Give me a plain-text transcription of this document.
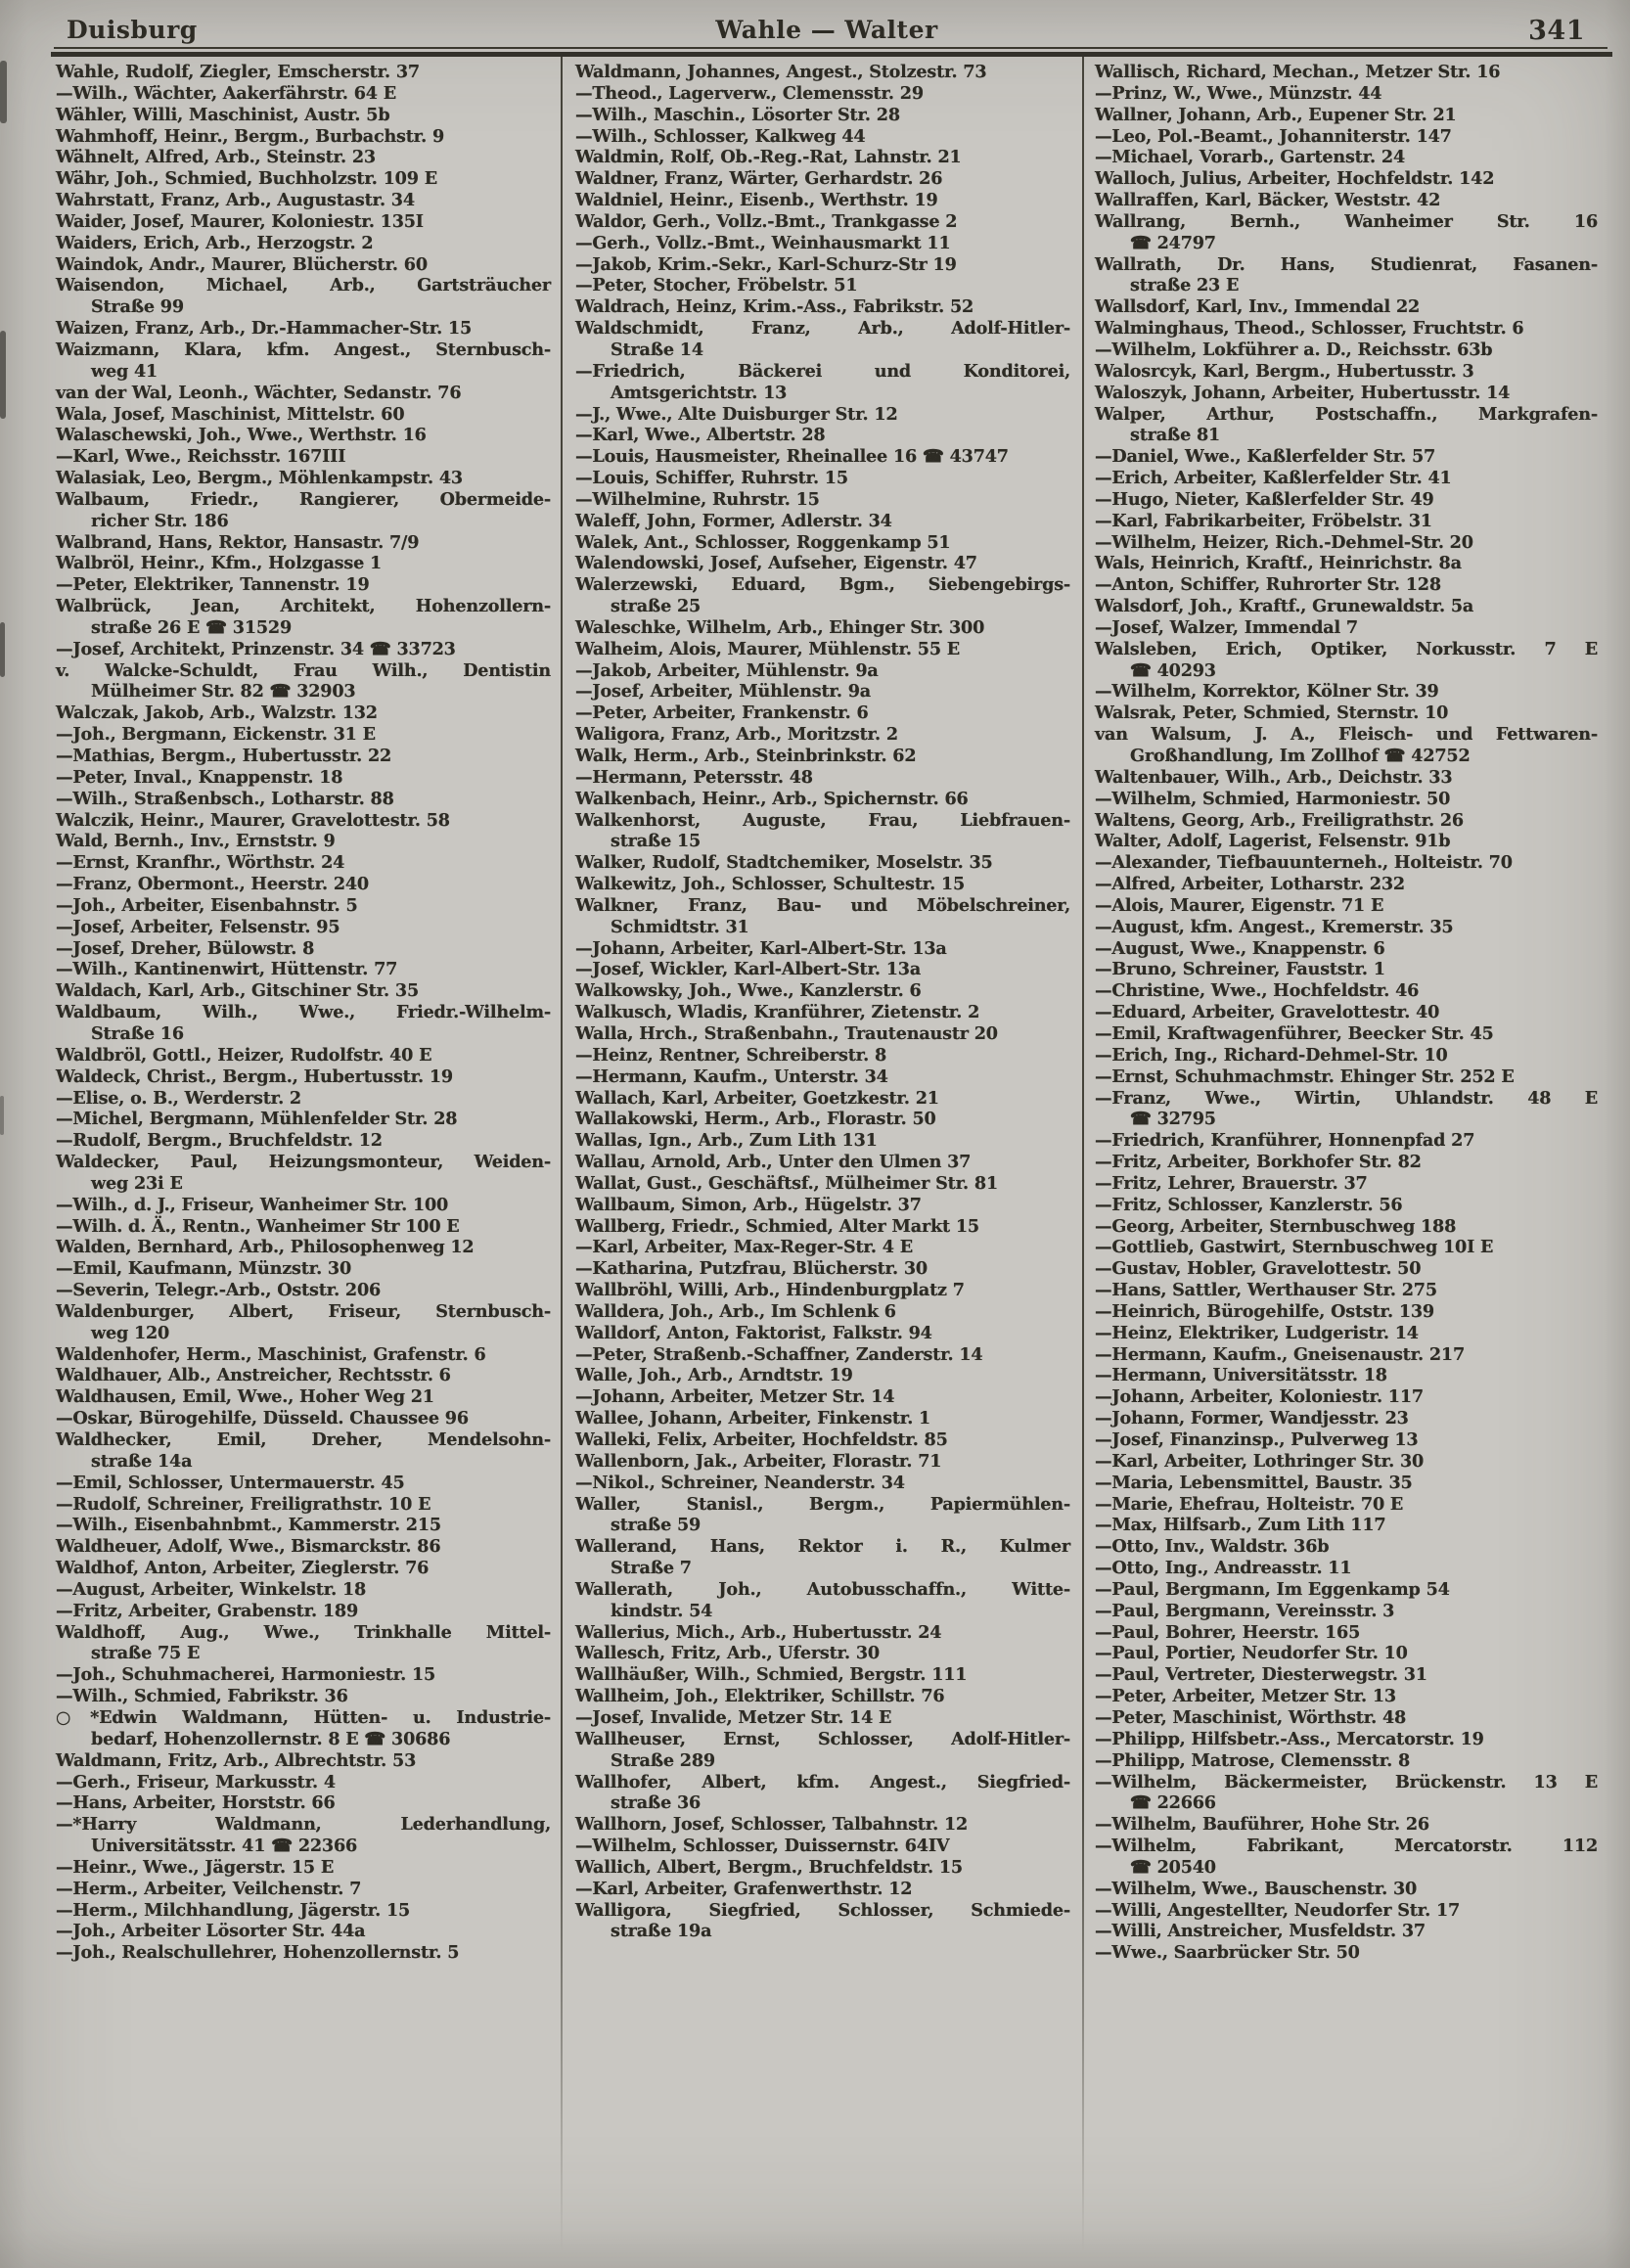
Duisburg	Wahle — Walter	341
Wahle, Rudolf, Ziegler, Emscherstr. 37
—Wilh., Wächter, Aakerfährstr. 64 E
Wähler, Willi, Maschinist, Austr. 5b
Wahmhoff, Heinr., Bergm., Burbachstr. 9
Wähnelt, Alfred, Arb., Steinstr. 23
Währ, Joh., Schmied, Buchholzstr. 109 E
Wahrstatt, Franz, Arb., Augustastr. 34
Waider, Josef, Maurer, Koloniestr. 135I
Waiders, Erich, Arb., Herzogstr. 2
Waindok, Andr., Maurer, Blücherstr. 60
Waisendon, Michael, Arb., Gartsträucher
Straße 99
Waizen, Franz, Arb., Dr.-Hammacher-Str. 15
Waizmann, Klara, kfm. Angest., Sternbusch-
weg 41
van der Wal, Leonh., Wächter, Sedanstr. 76
Wala, Josef, Maschinist, Mittelstr. 60
Walaschewski, Joh., Wwe., Werthstr. 16
—Karl, Wwe., Reichsstr. 167III
Walasiak, Leo, Bergm., Möhlenkampstr. 43
Walbaum, Friedr., Rangierer, Obermeide-
richer Str. 186
Walbrand, Hans, Rektor, Hansastr. 7/9
Walbröl, Heinr., Kfm., Holzgasse 1
—Peter, Elektriker, Tannenstr. 19
Walbrück, Jean, Architekt, Hohenzollern-
straße 26 E ☎ 31529
—Josef, Architekt, Prinzenstr. 34 ☎ 33723
v. Walcke-Schuldt, Frau Wilh., Dentistin
Mülheimer Str. 82 ☎ 32903
Walczak, Jakob, Arb., Walzstr. 132
—Joh., Bergmann, Eickenstr. 31 E
—Mathias, Bergm., Hubertusstr. 22
—Peter, Inval., Knappenstr. 18
—Wilh., Straßenbsch., Lotharstr. 88
Walczik, Heinr., Maurer, Gravelottestr. 58
Wald, Bernh., Inv., Ernststr. 9
—Ernst, Kranfhr., Wörthstr. 24
—Franz, Obermont., Heerstr. 240
—Joh., Arbeiter, Eisenbahnstr. 5
—Josef, Arbeiter, Felsenstr. 95
—Josef, Dreher, Bülowstr. 8
—Wilh., Kantinenwirt, Hüttenstr. 77
Waldach, Karl, Arb., Gitschiner Str. 35
Waldbaum, Wilh., Wwe., Friedr.-Wilhelm-
Straße 16
Waldbröl, Gottl., Heizer, Rudolfstr. 40 E
Waldeck, Christ., Bergm., Hubertusstr. 19
—Elise, o. B., Werderstr. 2
—Michel, Bergmann, Mühlenfelder Str. 28
—Rudolf, Bergm., Bruchfeldstr. 12
Waldecker, Paul, Heizungsmonteur, Weiden-
weg 23i E
—Wilh., d. J., Friseur, Wanheimer Str. 100
—Wilh. d. Ä., Rentn., Wanheimer Str 100 E
Walden, Bernhard, Arb., Philosophenweg 12
—Emil, Kaufmann, Münzstr. 30
—Severin, Telegr.-Arb., Oststr. 206
Waldenburger, Albert, Friseur, Sternbusch-
weg 120
Waldenhofer, Herm., Maschinist, Grafenstr. 6
Waldhauer, Alb., Anstreicher, Rechtsstr. 6
Waldhausen, Emil, Wwe., Hoher Weg 21
—Oskar, Bürogehilfe, Düsseld. Chaussee 96
Waldhecker, Emil, Dreher, Mendelsohn-
straße 14a
—Emil, Schlosser, Untermauerstr. 45
—Rudolf, Schreiner, Freiligrathstr. 10 E
—Wilh., Eisenbahnbmt., Kammerstr. 215
Waldheuer, Adolf, Wwe., Bismarckstr. 86
Waldhof, Anton, Arbeiter, Zieglerstr. 76
—August, Arbeiter, Winkelstr. 18
—Fritz, Arbeiter, Grabenstr. 189
Waldhoff, Aug., Wwe., Trinkhalle Mittel-
straße 75 E
—Joh., Schuhmacherei, Harmoniestr. 15
—Wilh., Schmied, Fabrikstr. 36
○*Edwin Waldmann, Hütten- u. Industrie-
bedarf, Hohenzollernstr. 8 E ☎ 30686
Waldmann, Fritz, Arb., Albrechtstr. 53
—Gerh., Friseur, Markusstr. 4
—Hans, Arbeiter, Horststr. 66
—*Harry Waldmann, Lederhandlung,
Universitätsstr. 41 ☎ 22366
—Heinr., Wwe., Jägerstr. 15 E
—Herm., Arbeiter, Veilchenstr. 7
—Herm., Milchhandlung, Jägerstr. 15
—Joh., Arbeiter Lösorter Str. 44a
—Joh., Realschullehrer, Hohenzollernstr. 5
Waldmann, Johannes, Angest., Stolzestr. 73
—Theod., Lagerverw., Clemensstr. 29
—Wilh., Maschin., Lösorter Str. 28
—Wilh., Schlosser, Kalkweg 44
Waldmin, Rolf, Ob.-Reg.-Rat, Lahnstr. 21
Waldner, Franz, Wärter, Gerhardstr. 26
Waldniel, Heinr., Eisenb., Werthstr. 19
Waldor, Gerh., Vollz.-Bmt., Trankgasse 2
—Gerh., Vollz.-Bmt., Weinhausmarkt 11
—Jakob, Krim.-Sekr., Karl-Schurz-Str 19
—Peter, Stocher, Fröbelstr. 51
Waldrach, Heinz, Krim.-Ass., Fabrikstr. 52
Waldschmidt, Franz, Arb., Adolf-Hitler-
Straße 14
—Friedrich, Bäckerei und Konditorei,
Amtsgerichtstr. 13
—J., Wwe., Alte Duisburger Str. 12
—Karl, Wwe., Albertstr. 28
—Louis, Hausmeister, Rheinallee 16 ☎ 43747
—Louis, Schiffer, Ruhrstr. 15
—Wilhelmine, Ruhrstr. 15
Waleff, John, Former, Adlerstr. 34
Walek, Ant., Schlosser, Roggenkamp 51
Walendowski, Josef, Aufseher, Eigenstr. 47
Walerzewski, Eduard, Bgm., Siebengebirgs-
straße 25
Waleschke, Wilhelm, Arb., Ehinger Str. 300
Walheim, Alois, Maurer, Mühlenstr. 55 E
—Jakob, Arbeiter, Mühlenstr. 9a
—Josef, Arbeiter, Mühlenstr. 9a
—Peter, Arbeiter, Frankenstr. 6
Waligora, Franz, Arb., Moritzstr. 2
Walk, Herm., Arb., Steinbrinkstr. 62
—Hermann, Petersstr. 48
Walkenbach, Heinr., Arb., Spichernstr. 66
Walkenhorst, Auguste, Frau, Liebfrauen-
straße 15
Walker, Rudolf, Stadtchemiker, Moselstr. 35
Walkewitz, Joh., Schlosser, Schultestr. 15
Walkner, Franz, Bau- und Möbelschreiner,
Schmidtstr. 31
—Johann, Arbeiter, Karl-Albert-Str. 13a
—Josef, Wickler, Karl-Albert-Str. 13a
Walkowsky, Joh., Wwe., Kanzlerstr. 6
Walkusch, Wladis, Kranführer, Zietenstr. 2
Walla, Hrch., Straßenbahn., Trautenaustr 20
—Heinz, Rentner, Schreiberstr. 8
—Hermann, Kaufm., Unterstr. 34
Wallach, Karl, Arbeiter, Goetzkestr. 21
Wallakowski, Herm., Arb., Florastr. 50
Wallas, Ign., Arb., Zum Lith 131
Wallau, Arnold, Arb., Unter den Ulmen 37
Wallat, Gust., Geschäftsf., Mülheimer Str. 81
Wallbaum, Simon, Arb., Hügelstr. 37
Wallberg, Friedr., Schmied, Alter Markt 15
—Karl, Arbeiter, Max-Reger-Str. 4 E
—Katharina, Putzfrau, Blücherstr. 30
Wallbröhl, Willi, Arb., Hindenburgplatz 7
Walldera, Joh., Arb., Im Schlenk 6
Walldorf, Anton, Faktorist, Falkstr. 94
—Peter, Straßenb.-Schaffner, Zanderstr. 14
Walle, Joh., Arb., Arndtstr. 19
—Johann, Arbeiter, Metzer Str. 14
Wallee, Johann, Arbeiter, Finkenstr. 1
Walleki, Felix, Arbeiter, Hochfeldstr. 85
Wallenborn, Jak., Arbeiter, Florastr. 71
—Nikol., Schreiner, Neanderstr. 34
Waller, Stanisl., Bergm., Papiermühlen-
straße 59
Wallerand, Hans, Rektor i. R., Kulmer
Straße 7
Wallerath, Joh., Autobusschaffn., Witte-
kindstr. 54
Wallerius, Mich., Arb., Hubertusstr. 24
Wallesch, Fritz, Arb., Uferstr. 30
Wallhäußer, Wilh., Schmied, Bergstr. 111
Wallheim, Joh., Elektriker, Schillstr. 76
—Josef, Invalide, Metzer Str. 14 E
Wallheuser, Ernst, Schlosser, Adolf-Hitler-
Straße 289
Wallhofer, Albert, kfm. Angest., Siegfried-
straße 36
Wallhorn, Josef, Schlosser, Talbahnstr. 12
—Wilhelm, Schlosser, Duissernstr. 64IV
Wallich, Albert, Bergm., Bruchfeldstr. 15
—Karl, Arbeiter, Grafenwerthstr. 12
Walligora, Siegfried, Schlosser, Schmiede-
straße 19a
Wallisch, Richard, Mechan., Metzer Str. 16
—Prinz, W., Wwe., Münzstr. 44
Wallner, Johann, Arb., Eupener Str. 21
—Leo, Pol.-Beamt., Johanniterstr. 147
—Michael, Vorarb., Gartenstr. 24
Walloch, Julius, Arbeiter, Hochfeldstr. 142
Wallraffen, Karl, Bäcker, Weststr. 42
Wallrang, Bernh., Wanheimer Str. 16
☎ 24797
Wallrath, Dr. Hans, Studienrat, Fasanen-
straße 23 E
Wallsdorf, Karl, Inv., Immendal 22
Walminghaus, Theod., Schlosser, Fruchtstr. 6
—Wilhelm, Lokführer a. D., Reichsstr. 63b
Walosrcyk, Karl, Bergm., Hubertusstr. 3
Waloszyk, Johann, Arbeiter, Hubertusstr. 14
Walper, Arthur, Postschaffn., Markgrafen-
straße 81
—Daniel, Wwe., Kaßlerfelder Str. 57
—Erich, Arbeiter, Kaßlerfelder Str. 41
—Hugo, Nieter, Kaßlerfelder Str. 49
—Karl, Fabrikarbeiter, Fröbelstr. 31
—Wilhelm, Heizer, Rich.-Dehmel-Str. 20
Wals, Heinrich, Kraftf., Heinrichstr. 8a
—Anton, Schiffer, Ruhrorter Str. 128
Walsdorf, Joh., Kraftf., Grunewaldstr. 5a
—Josef, Walzer, Immendal 7
Walsleben, Erich, Optiker, Norkusstr. 7 E
☎ 40293
—Wilhelm, Korrektor, Kölner Str. 39
Walsrak, Peter, Schmied, Sternstr. 10
van Walsum, J. A., Fleisch- und Fettwaren-
Großhandlung, Im Zollhof ☎ 42752
Waltenbauer, Wilh., Arb., Deichstr. 33
—Wilhelm, Schmied, Harmoniestr. 50
Waltens, Georg, Arb., Freiligrathstr. 26
Walter, Adolf, Lagerist, Felsenstr. 91b
—Alexander, Tiefbauunterneh., Holteistr. 70
—Alfred, Arbeiter, Lotharstr. 232
—Alois, Maurer, Eigenstr. 71 E
—August, kfm. Angest., Kremerstr. 35
—August, Wwe., Knappenstr. 6
—Bruno, Schreiner, Fauststr. 1
—Christine, Wwe., Hochfeldstr. 46
—Eduard, Arbeiter, Gravelottestr. 40
—Emil, Kraftwagenführer, Beecker Str. 45
—Erich, Ing., Richard-Dehmel-Str. 10
—Ernst, Schuhmachmstr. Ehinger Str. 252 E
—Franz, Wwe., Wirtin, Uhlandstr. 48 E
☎ 32795
—Friedrich, Kranführer, Honnenpfad 27
—Fritz, Arbeiter, Borkhofer Str. 82
—Fritz, Lehrer, Brauerstr. 37
—Fritz, Schlosser, Kanzlerstr. 56
—Georg, Arbeiter, Sternbuschweg 188
—Gottlieb, Gastwirt, Sternbuschweg 10I E
—Gustav, Hobler, Gravelottestr. 50
—Hans, Sattler, Werthauser Str. 275
—Heinrich, Bürogehilfe, Oststr. 139
—Heinz, Elektriker, Ludgeristr. 14
—Hermann, Kaufm., Gneisenaustr. 217
—Hermann, Universitätsstr. 18
—Johann, Arbeiter, Koloniestr. 117
—Johann, Former, Wandjesstr. 23
—Josef, Finanzinsp., Pulverweg 13
—Karl, Arbeiter, Lothringer Str. 30
—Maria, Lebensmittel, Baustr. 35
—Marie, Ehefrau, Holteistr. 70 E
—Max, Hilfsarb., Zum Lith 117
—Otto, Inv., Waldstr. 36b
—Otto, Ing., Andreasstr. 11
—Paul, Bergmann, Im Eggenkamp 54
—Paul, Bergmann, Vereinsstr. 3
—Paul, Bohrer, Heerstr. 165
—Paul, Portier, Neudorfer Str. 10
—Paul, Vertreter, Diesterwegstr. 31
—Peter, Arbeiter, Metzer Str. 13
—Peter, Maschinist, Wörthstr. 48
—Philipp, Hilfsbetr.-Ass., Mercatorstr. 19
—Philipp, Matrose, Clemensstr. 8
—Wilhelm, Bäckermeister, Brückenstr. 13 E
☎ 22666
—Wilhelm, Bauführer, Hohe Str. 26
—Wilhelm, Fabrikant, Mercatorstr. 112
☎ 20540
—Wilhelm, Wwe., Bauschenstr. 30
—Willi, Angestellter, Neudorfer Str. 17
—Willi, Anstreicher, Musfeldstr. 37
—Wwe., Saarbrücker Str. 50
